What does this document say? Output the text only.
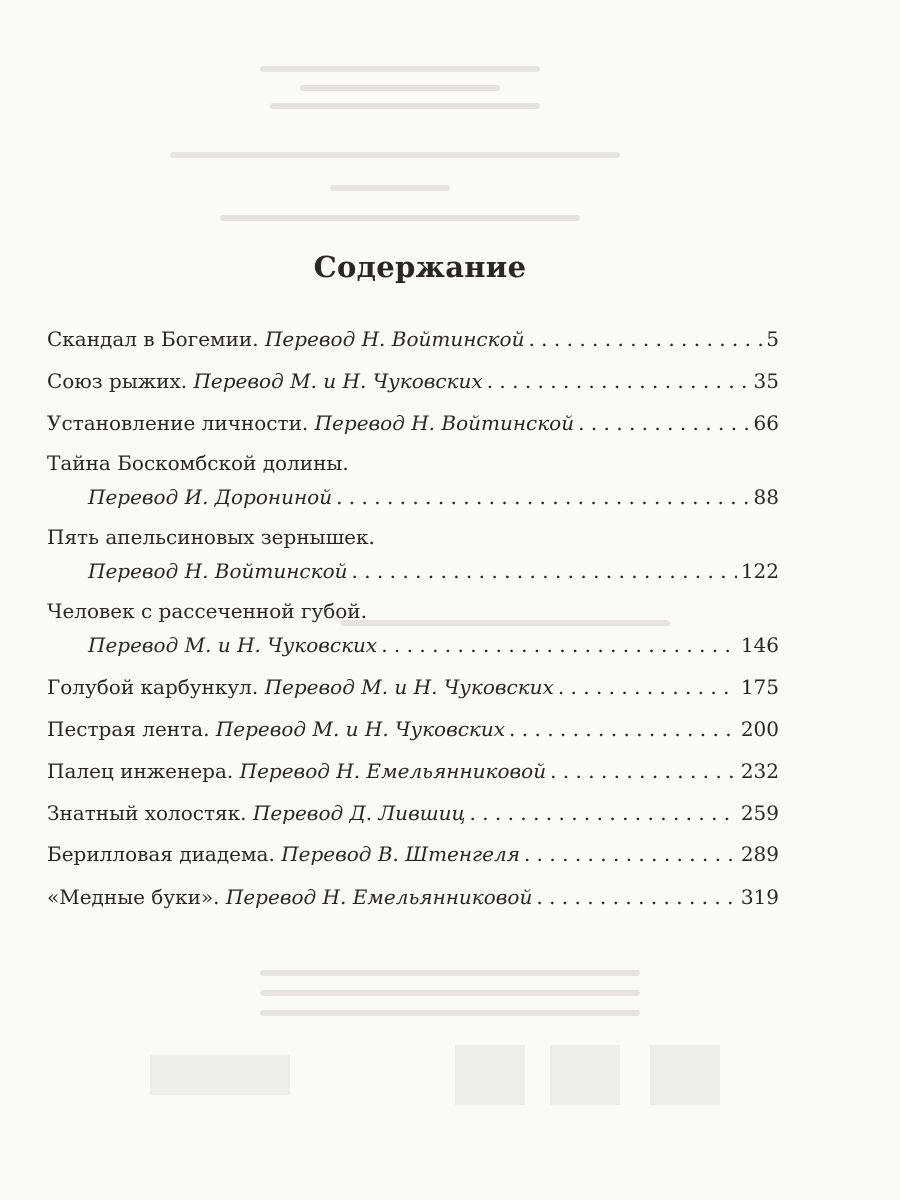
Содержание
Скандал в Богемии. Перевод Н. Войтинской . . .	5
Союз рыжих. Перевод М. и Н. Чуковских . . .	35
Установление личности. Перевод Н. Войтинской . . .	66
Тайна Боскомбской долины.
Перевод И. Дорониной . . .	88
Пять апельсиновых зернышек.
Перевод Н. Войтинской . . .	122
Человек с рассеченной губой.
Перевод М. и Н. Чуковских . . .	146
Голубой карбункул. Перевод М. и Н. Чуковских . . .	175
Пестрая лента. Перевод М. и Н. Чуковских . . .	200
Палец инженера. Перевод Н. Емельянниковой . . .	232
Знатный холостяк. Перевод Д. Лившиц . . .	259
Берилловая диадема. Перевод В. Штенгеля . . .	289
«Медные буки». Перевод Н. Емельянниковой . . .	319
